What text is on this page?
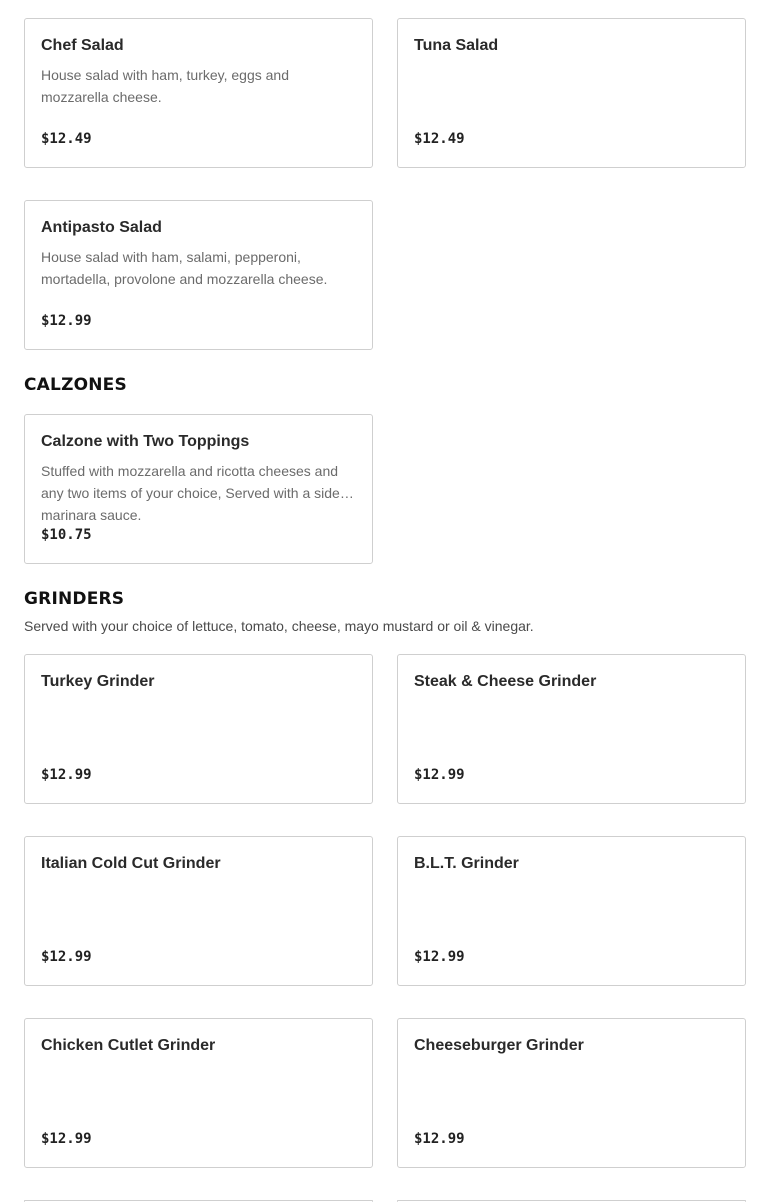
Chef Salad
House salad with ham, turkey, eggs and mozzarella cheese.
$12.49
Tuna Salad
$12.49
Antipasto Salad
House salad with ham, salami, pepperoni, mortadella, provolone and mozzarella cheese.
$12.99
CALZONES
Calzone with Two Toppings
Stuffed with mozzarella and ricotta cheeses and any two items of your choice, Served with a side of marinara sauce.
$10.75
GRINDERS
Served with your choice of lettuce, tomato, cheese, mayo mustard or oil & vinegar.
Turkey Grinder
$12.99
Steak & Cheese Grinder
$12.99
Italian Cold Cut Grinder
$12.99
B.L.T. Grinder
$12.99
Chicken Cutlet Grinder
$12.99
Cheeseburger Grinder
$12.99
